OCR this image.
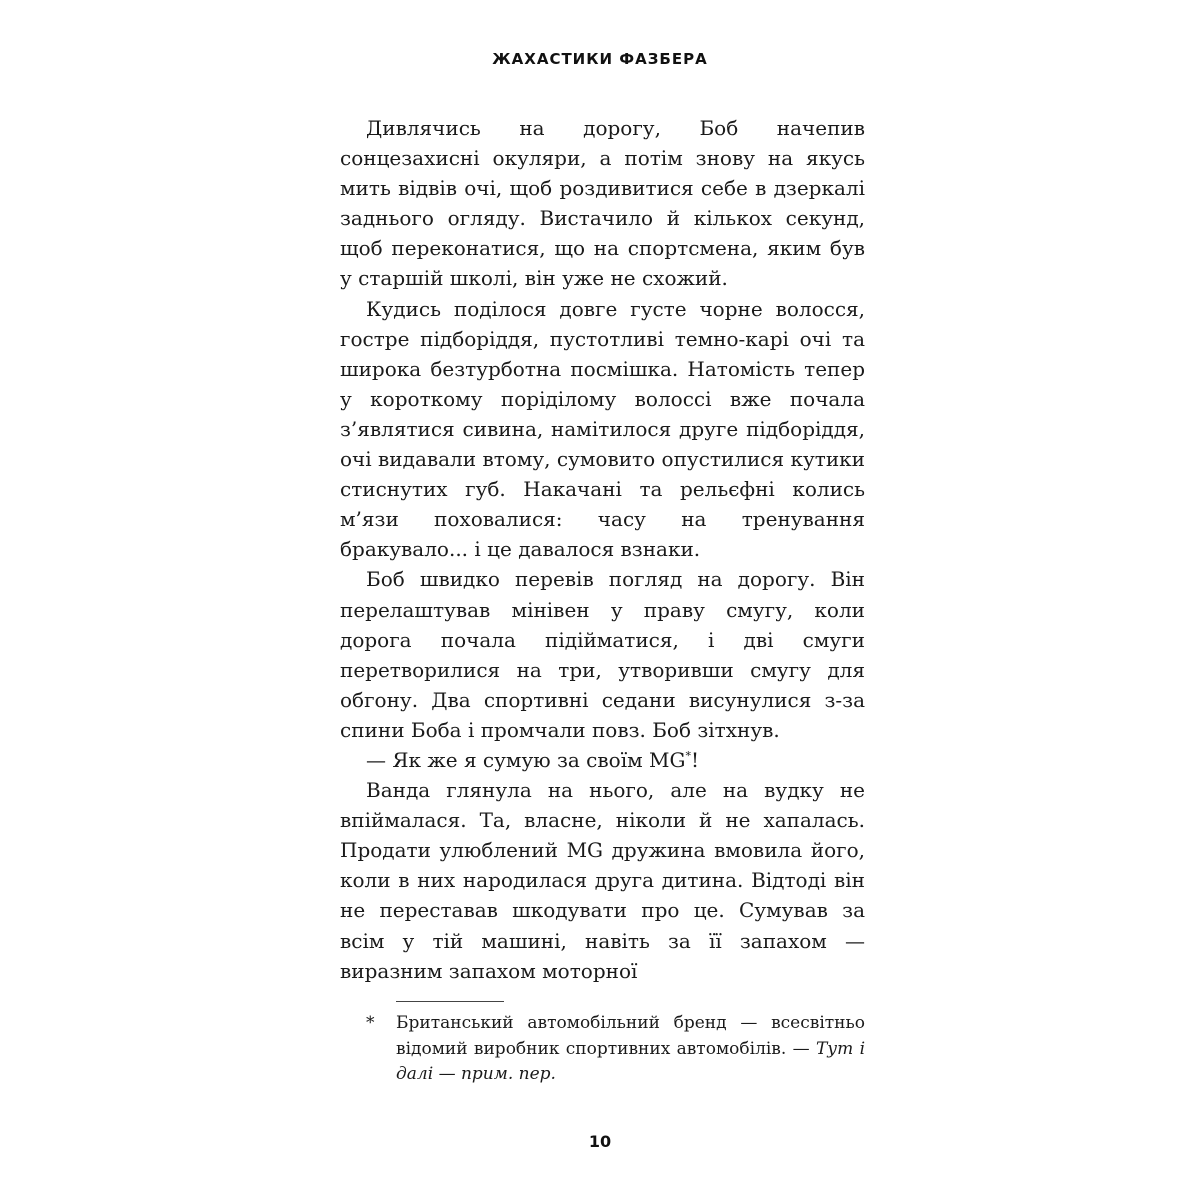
ЖАХАСТИКИ ФАЗБЕРА

Дивлячись на дорогу, Боб начепив сонцезахисні окуляри, а потім знову на якусь мить відвів очі, щоб роздивитися себе в дзеркалі заднього огляду. Вистачило й кількох секунд, щоб переконатися, що на спортсмена, яким був у старшій школі, він уже не схожий.

Кудись поділося довге густе чорне волосся, гостре підборіддя, пустотливі темно-карі очі та широка безтурботна посмішка. Натомість тепер у короткому порідiлому волоссі вже почала з’являтися сивина, намітилося друге підборіддя, очі видавали втому, сумовито опустилися кутики стиснутих губ. Накачані та рельєфні колись м’язи поховалися: часу на тренування бракувало... і це давалося взнаки.

Боб швидко перевів погляд на дорогу. Він перелаштував мінівен у праву смугу, коли дорога почала підійматися, і дві смуги перетворилися на три, утворивши смугу для обгону. Два спортивні седани висунулися з-за спини Боба і промчали повз. Боб зітхнув.

— Як же я сумую за своїм MG*!

Ванда глянула на нього, але на вудку не впіймалася. Та, власне, ніколи й не хапалась. Продати улюблений MG дружина вмовила його, коли в них народилася друга дитина. Відтоді він не переставав шкодувати про це. Сумував за всім у тій машині, навіть за її запахом — виразним запахом моторної

* Британський автомобільний бренд — всесвітньо відомий виробник спортивних автомобілів. — Тут і далі — прим. пер.
10
